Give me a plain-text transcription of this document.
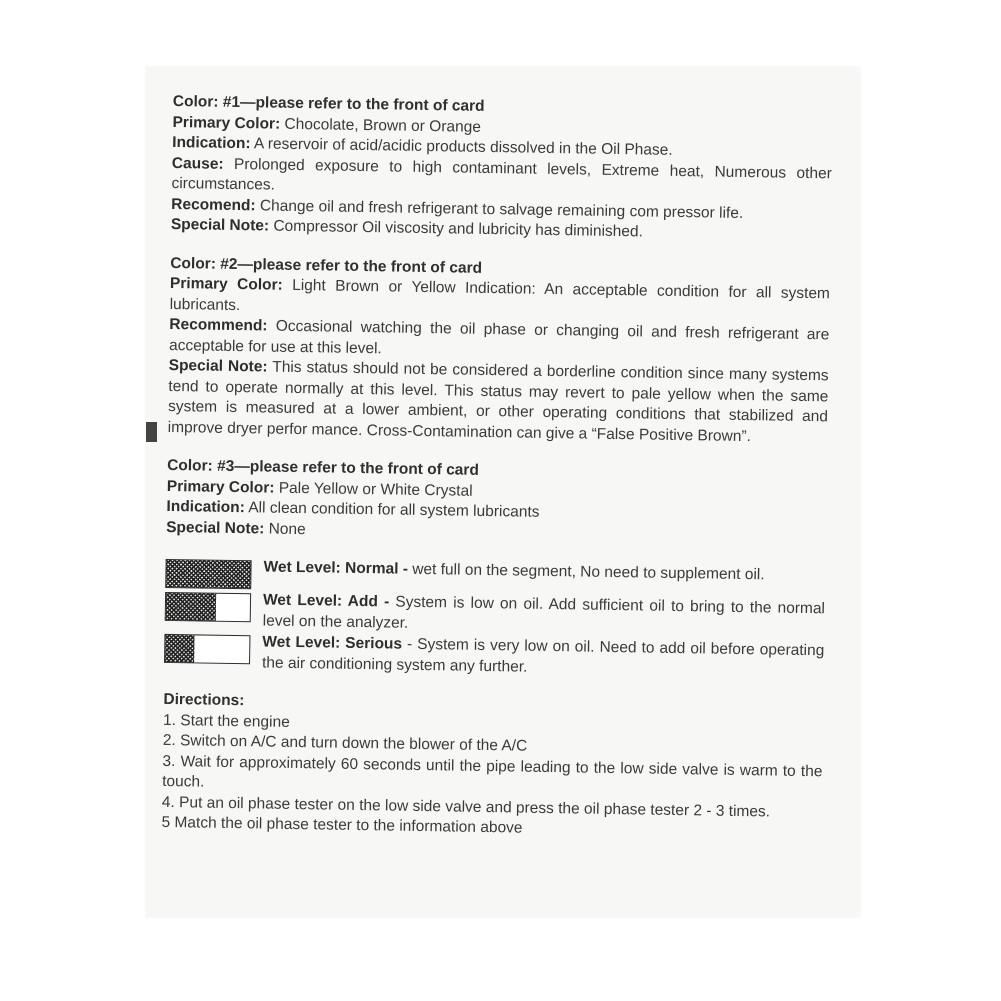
Color: #1—please refer to the front of card
Primary Color: Chocolate, Brown or Orange
Indication: A reservoir of acid/acidic products dissolved in the Oil Phase.
Cause: Prolonged exposure to high contaminant levels, Extreme heat, Numerous other circumstances.
Recomend: Change oil and fresh refrigerant to salvage remaining com pressor life.
Special Note: Compressor Oil viscosity and lubricity has diminished.
Color: #2—please refer to the front of card
Primary Color: Light Brown or Yellow Indication: An acceptable condition for all system lubricants.
Recommend: Occasional watching the oil phase or changing oil and fresh refrigerant are acceptable for use at this level.
Special Note: This status should not be considered a borderline condition since many systems tend to operate normally at this level. This status may revert to pale yellow when the same system is measured at a lower ambient, or other operating conditions that stabilized and improve dryer perfor mance. Cross-Contamination can give a “False Positive Brown”.
Color: #3—please refer to the front of card
Primary Color: Pale Yellow or White Crystal
Indication: All clean condition for all system lubricants
Special Note: None
Wet Level: Normal - wet full on the segment, No need to supplement oil.
Wet Level: Add - System is low on oil. Add sufficient oil to bring to the normal level on the analyzer.
Wet Level: Serious - System is very low on oil. Need to add oil before operating the air conditioning system any further.
Directions:
1. Start the engine
2. Switch on A/C and turn down the blower of the A/C
3. Wait for approximately 60 seconds until the pipe leading to the low side valve is warm to the touch.
4. Put an oil phase tester on the low side valve and press the oil phase tester 2 - 3 times.
5 Match the oil phase tester to the information above
